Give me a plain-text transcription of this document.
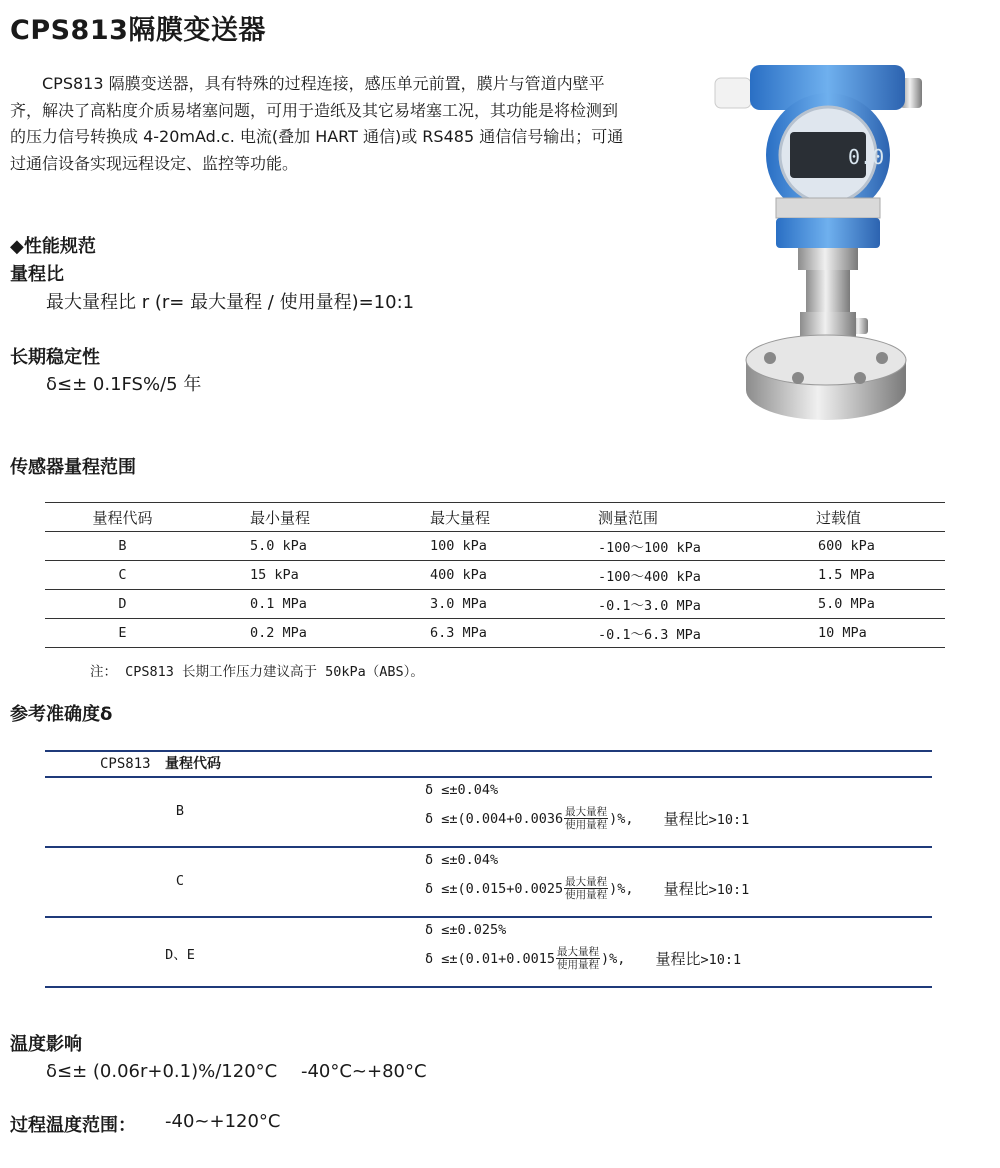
CPS813隔膜变送器
CPS813 隔膜变送器，具有特殊的过程连接，感压单元前置，膜片与管道内壁平齐，解决了高粘度介质易堵塞问题，可用于造纸及其它易堵塞工况，其功能是将检测到的压力信号转换成 4-20mAd.c. 电流(叠加 HART 通信)或 RS485 通信信号输出；可通过通信设备实现远程设定、监控等功能。	0.0
◆性能规范
量程比
最大量程比 r (r= 最大量程 / 使用量程)=10:1
长期稳定性
δ≤± 0.1FS%/5 年
传感器量程范围
量程代码	最小量程	最大量程	测量范围	过载值
B	5.0 kPa	100 kPa	-100～100 kPa	600 kPa
C	15 kPa	400 kPa	-100～400 kPa	1.5 MPa
D	0.1 MPa	3.0 MPa	-0.1～3.0 MPa	5.0 MPa
E	0.2 MPa	6.3 MPa	-0.1～6.3 MPa	10 MPa
注： CPS813 长期工作压力建议高于 50kPa（ABS）。
参考准确度δ
CPS813 量程代码
B
δ ≤±0.04%
$\delta \le\pm(0.004+0.0036 \frac{\text{最大量程}}{\text{使用量程}}$ )%, 量程比>10:1
C
δ ≤±0.04%
$\delta \le\pm(0.015+0.0025 \frac{\text{最大量程}}{\text{使用量程}}$ )%, 量程比>10:1
D、E
δ ≤±0.025%
$\delta \le\pm(0.01+0.0015 \frac{\text{最大量程}}{\text{使用量程}}$ )%, 量程比>10:1
温度影响
δ≤± (0.06r+0.1)%/120°C　 -40°C~+80°C
过程温度范围： -40~+120°C
